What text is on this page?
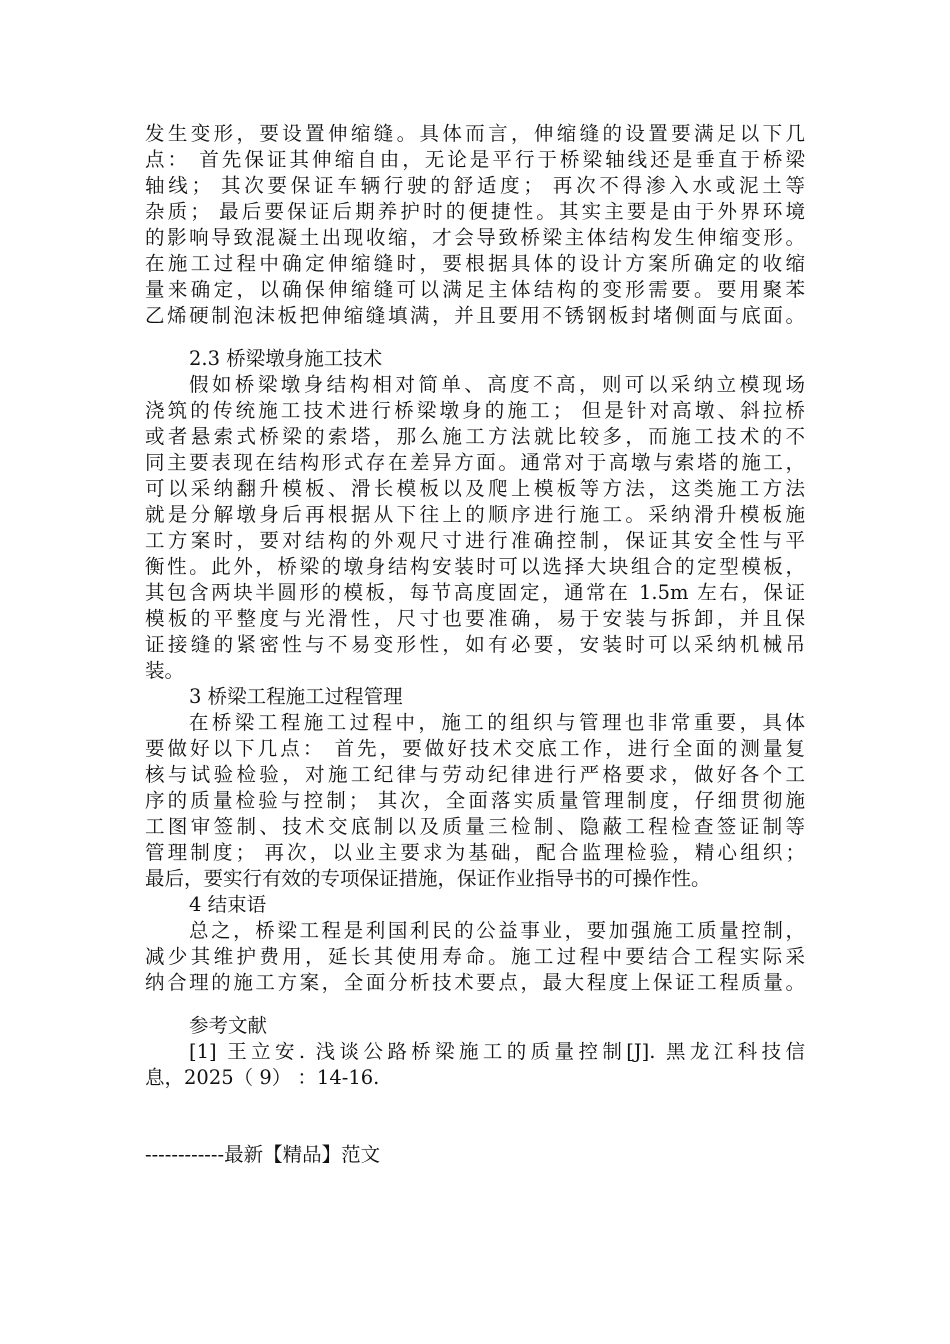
发生变形，要设置伸缩缝。具体而言，伸缩缝的设置要满足以下几
点： 首先保证其伸缩自由，无论是平行于桥梁轴线还是垂直于桥梁
轴线； 其次要保证车辆行驶的舒适度； 再次不得渗入水或泥土等
杂质； 最后要保证后期养护时的便捷性。其实主要是由于外界环境
的影响导致混凝土出现收缩，才会导致桥梁主体结构发生伸缩变形。
在施工过程中确定伸缩缝时，要根据具体的设计方案所确定的收缩
量来确定，以确保伸缩缝可以满足主体结构的变形需要。要用聚苯
乙烯硬制泡沫板把伸缩缝填满，并且要用不锈钢板封堵侧面与底面。
2.3 桥梁墩身施工技术
假如桥梁墩身结构相对简单、高度不高，则可以采纳立模现场
浇筑的传统施工技术进行桥梁墩身的施工； 但是针对高墩、斜拉桥
或者悬索式桥梁的索塔，那么施工方法就比较多，而施工技术的不
同主要表现在结构形式存在差异方面。通常对于高墩与索塔的施工，
可以采纳翻升模板、滑长模板以及爬上模板等方法，这类施工方法
就是分解墩身后再根据从下往上的顺序进行施工。采纳滑升模板施
工方案时，要对结构的外观尺寸进行准确控制，保证其安全性与平
衡性。此外，桥梁的墩身结构安装时可以选择大块组合的定型模板，
其包含两块半圆形的模板，每节高度固定，通常在 1.5m 左右，保证
模板的平整度与光滑性，尺寸也要准确，易于安装与拆卸，并且保
证接缝的紧密性与不易变形性，如有必要，安装时可以采纳机械吊
装。
3 桥梁工程施工过程管理
在桥梁工程施工过程中，施工的组织与管理也非常重要，具体
要做好以下几点： 首先，要做好技术交底工作，进行全面的测量复
核与试验检验，对施工纪律与劳动纪律进行严格要求，做好各个工
序的质量检验与控制； 其次，全面落实质量管理制度，仔细贯彻施
工图审签制、技术交底制以及质量三检制、隐蔽工程检查签证制等
管理制度； 再次，以业主要求为基础，配合监理检验，精心组织；
最后，要实行有效的专项保证措施，保证作业指导书的可操作性。
4 结束语
总之，桥梁工程是利国利民的公益事业，要加强施工质量控制，
减少其维护费用，延长其使用寿命。施工过程中要结合工程实际采
纳合理的施工方案，全面分析技术要点，最大程度上保证工程质量。
参考文献
[1] 王立安. 浅谈公路桥梁施工的质量控制[J]. 黑龙江科技信
息，2025（ 9） ：14-16.
------------最新【精品】范文
